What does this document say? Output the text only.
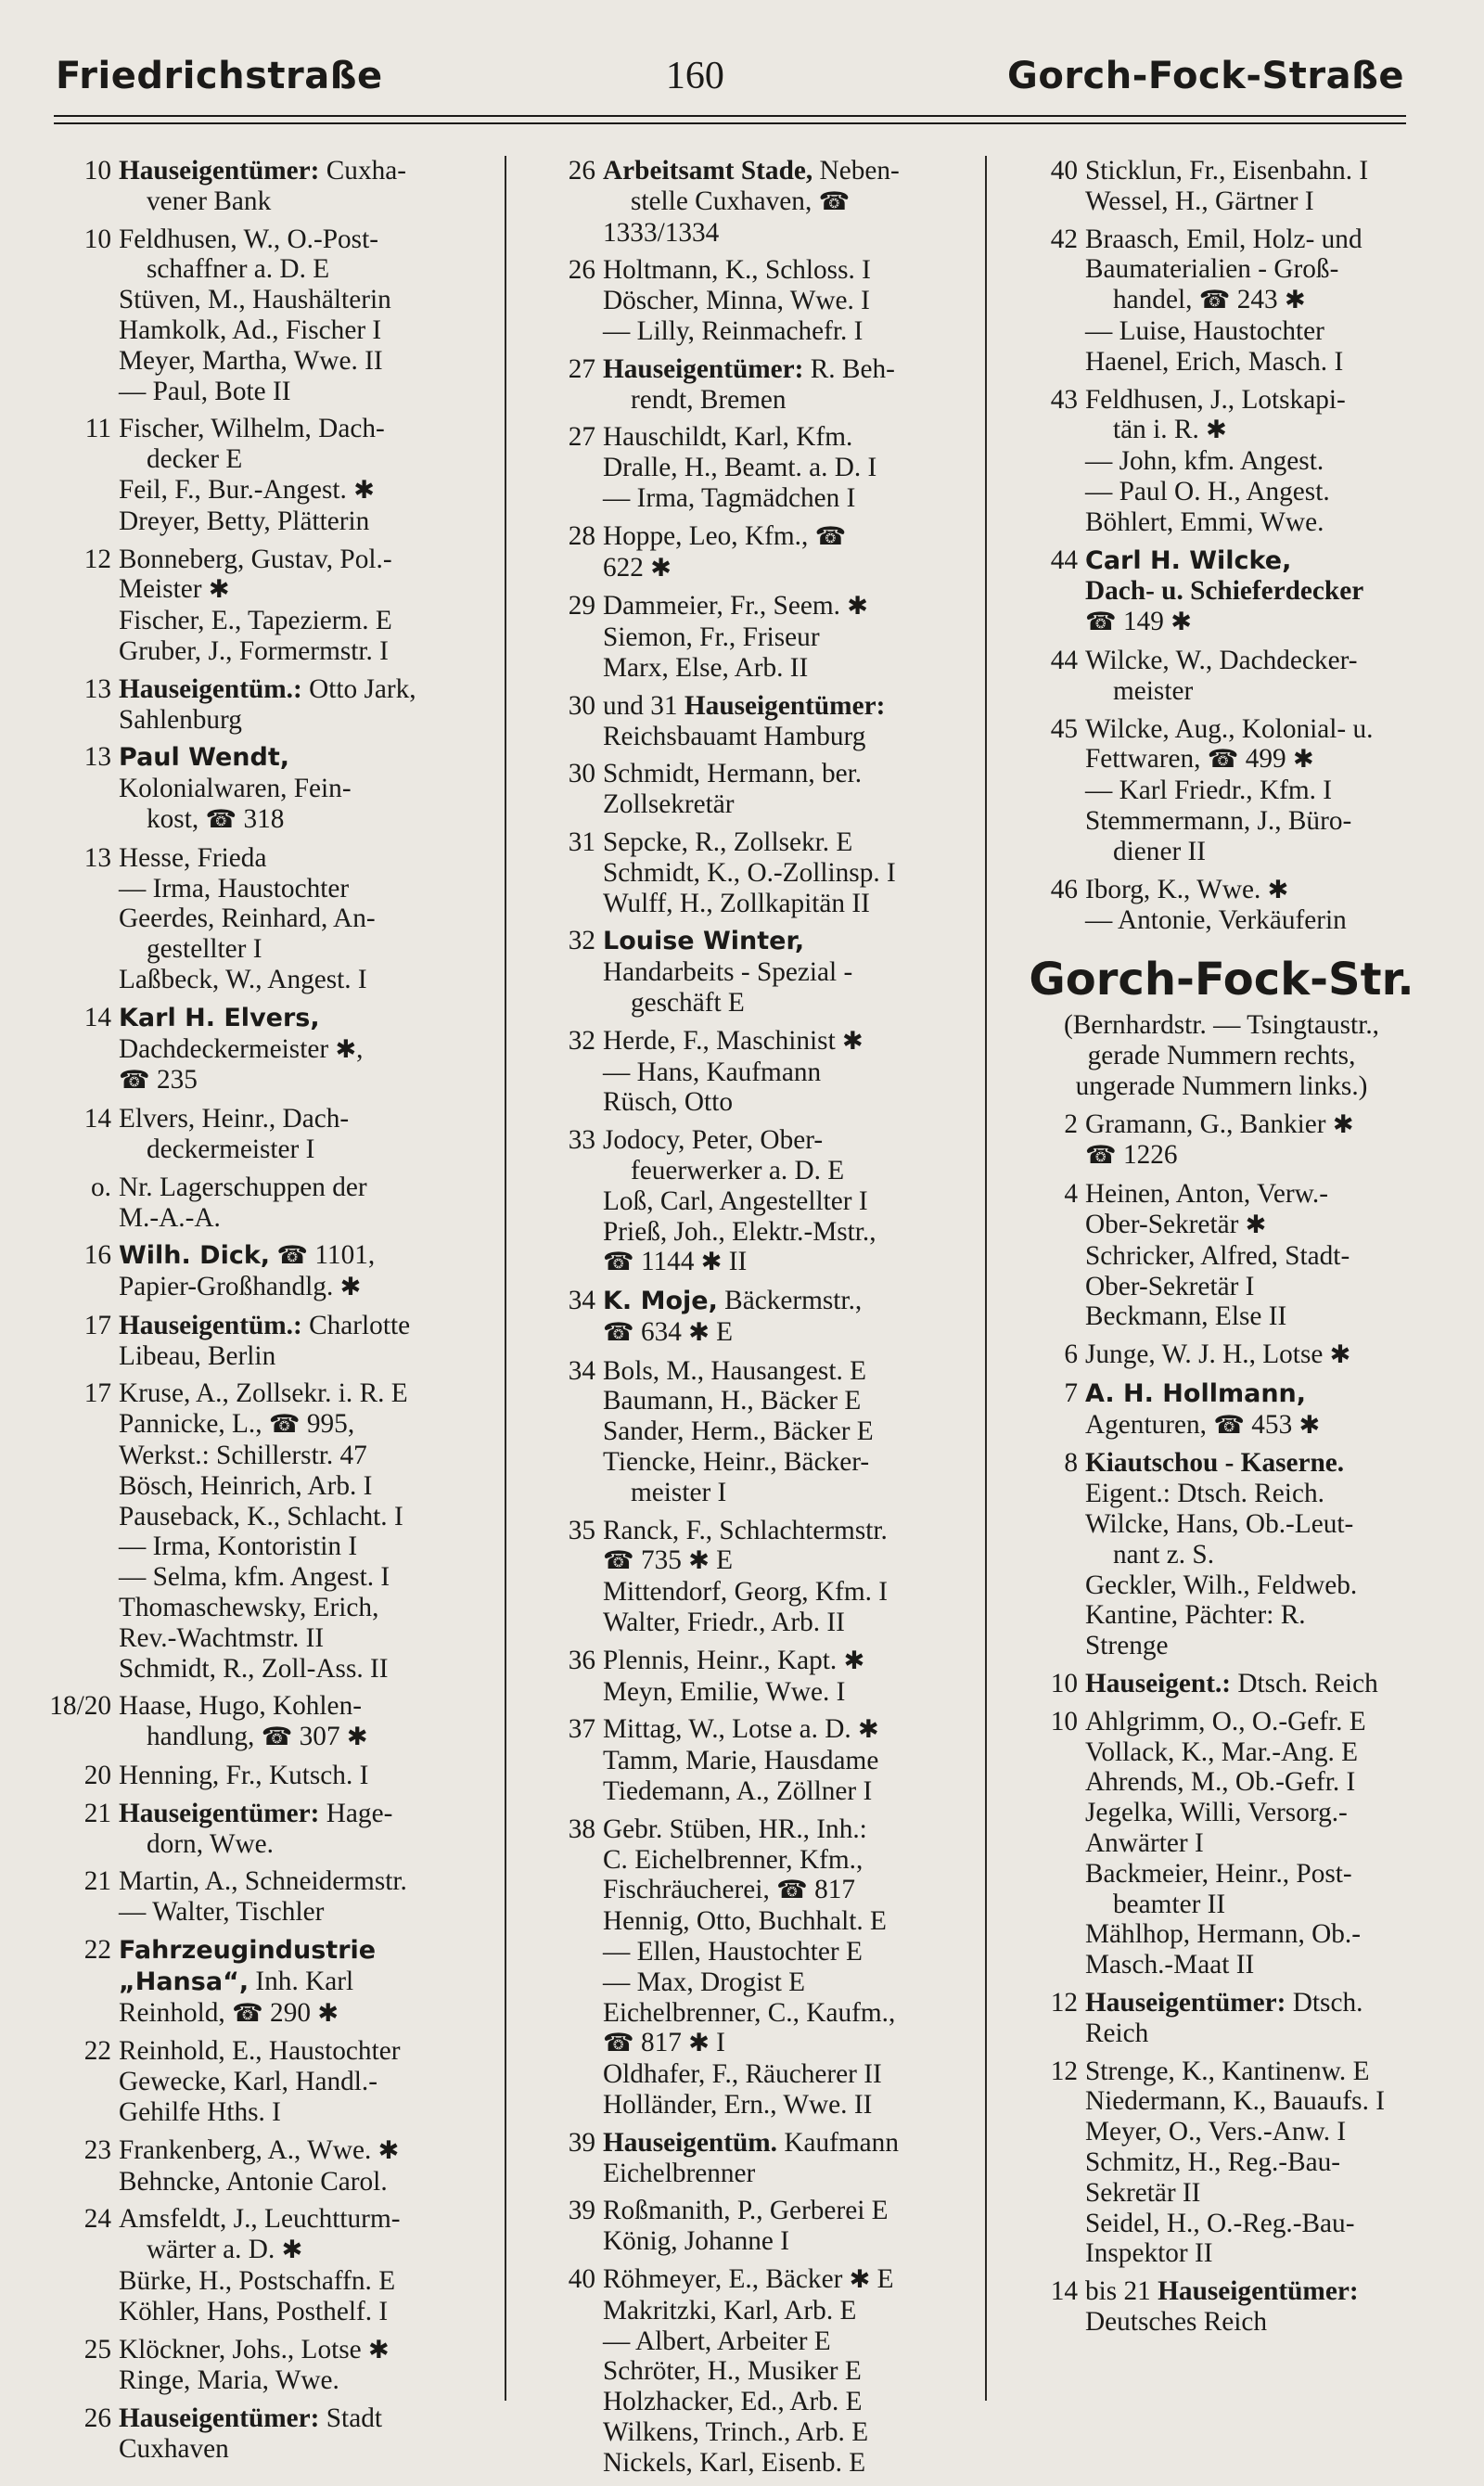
Friedrichstraße	160	Gorch-Fock-Straße
10 Hauseigentümer: Cuxha-
vener Bank
10 Feldhusen, W., O.-Post-
schaffner a. D. E
Stüven, M., Haushälterin
Hamkolk, Ad., Fischer I
Meyer, Martha, Wwe. II
— Paul, Bote II
11 Fischer, Wilhelm, Dach-
decker E
Feil, F., Bur.-Angest. ✱
Dreyer, Betty, Plätterin
12 Bonneberg, Gustav, Pol.-
Meister ✱
Fischer, E., Tapezierm. E
Gruber, J., Formermstr. I
13 Hauseigentüm.: Otto Jark,
Sahlenburg
13 Paul Wendt,
Kolonialwaren, Fein-
kost, ☎ 318
13 Hesse, Frieda
— Irma, Haustochter
Geerdes, Reinhard, An-
gestellter I
Laßbeck, W., Angest. I
14 Karl H. Elvers,
Dachdeckermeister ✱,
☎ 235
14 Elvers, Heinr., Dach-
deckermeister I
o. Nr. Lagerschuppen der
M.-A.-A.
16 Wilh. Dick, ☎ 1101,
Papier-Großhandlg. ✱
17 Hauseigentüm.: Charlotte
Libeau, Berlin
17 Kruse, A., Zollsekr. i. R. E
Pannicke, L., ☎ 995,
Werkst.: Schillerstr. 47
Bösch, Heinrich, Arb. I
Pauseback, K., Schlacht. I
— Irma, Kontoristin I
— Selma, kfm. Angest. I
Thomaschewsky, Erich,
Rev.-Wachtmstr. II
Schmidt, R., Zoll-Ass. II
18/20 Haase, Hugo, Kohlen-
handlung, ☎ 307 ✱
20 Henning, Fr., Kutsch. I
21 Hauseigentümer: Hage-
dorn, Wwe.
21 Martin, A., Schneidermstr.
— Walter, Tischler
22 Fahrzeugindustrie
„Hansa“, Inh. Karl
Reinhold, ☎ 290 ✱
22 Reinhold, E., Haustochter
Gewecke, Karl, Handl.-
Gehilfe Hths. I
23 Frankenberg, A., Wwe. ✱
Behncke, Antonie Carol.
24 Amsfeldt, J., Leuchtturm-
wärter a. D. ✱
Bürke, H., Postschaffn. E
Köhler, Hans, Posthelf. I
25 Klöckner, Johs., Lotse ✱
Ringe, Maria, Wwe.
26 Hauseigentümer: Stadt
Cuxhaven
26 Arbeitsamt Stade, Neben-
stelle Cuxhaven, ☎
1333/1334
26 Holtmann, K., Schloss. I
Döscher, Minna, Wwe. I
— Lilly, Reinmachefr. I
27 Hauseigentümer: R. Beh-
rendt, Bremen
27 Hauschildt, Karl, Kfm.
Dralle, H., Beamt. a. D. I
— Irma, Tagmädchen I
28 Hoppe, Leo, Kfm., ☎
622 ✱
29 Dammeier, Fr., Seem. ✱
Siemon, Fr., Friseur
Marx, Else, Arb. II
30 und 31 Hauseigentümer:
Reichsbauamt Hamburg
30 Schmidt, Hermann, ber.
Zollsekretär
31 Sepcke, R., Zollsekr. E
Schmidt, K., O.-Zollinsp. I
Wulff, H., Zollkapitän II
32 Louise Winter,
Handarbeits - Spezial -
geschäft E
32 Herde, F., Maschinist ✱
— Hans, Kaufmann
Rüsch, Otto
33 Jodocy, Peter, Ober-
feuerwerker a. D. E
Loß, Carl, Angestellter I
Prieß, Joh., Elektr.-Mstr.,
☎ 1144 ✱ II
34 K. Moje, Bäckermstr.,
☎ 634 ✱ E
34 Bols, M., Hausangest. E
Baumann, H., Bäcker E
Sander, Herm., Bäcker E
Tiencke, Heinr., Bäcker-
meister I
35 Ranck, F., Schlachtermstr.
☎ 735 ✱ E
Mittendorf, Georg, Kfm. I
Walter, Friedr., Arb. II
36 Plennis, Heinr., Kapt. ✱
Meyn, Emilie, Wwe. I
37 Mittag, W., Lotse a. D. ✱
Tamm, Marie, Hausdame
Tiedemann, A., Zöllner I
38 Gebr. Stüben, HR., Inh.:
C. Eichelbrenner, Kfm.,
Fischräucherei, ☎ 817
Hennig, Otto, Buchhalt. E
— Ellen, Haustochter E
— Max, Drogist E
Eichelbrenner, C., Kaufm.,
☎ 817 ✱ I
Oldhafer, F., Räucherer II
Holländer, Ern., Wwe. II
39 Hauseigentüm. Kaufmann
Eichelbrenner
39 Roßmanith, P., Gerberei E
König, Johanne I
40 Röhmeyer, E., Bäcker ✱ E
Makritzki, Karl, Arb. E
— Albert, Arbeiter E
Schröter, H., Musiker E
Holzhacker, Ed., Arb. E
Wilkens, Trinch., Arb. E
Nickels, Karl, Eisenb. E
40 Sticklun, Fr., Eisenbahn. I
Wessel, H., Gärtner I
42 Braasch, Emil, Holz- und
Baumaterialien - Groß-
handel, ☎ 243 ✱
— Luise, Haustochter
Haenel, Erich, Masch. I
43 Feldhusen, J., Lotskapi-
tän i. R. ✱
— John, kfm. Angest.
— Paul O. H., Angest.
Böhlert, Emmi, Wwe.
44 Carl H. Wilcke,
Dach- u. Schieferdecker
☎ 149 ✱
44 Wilcke, W., Dachdecker-
meister
45 Wilcke, Aug., Kolonial- u.
Fettwaren, ☎ 499 ✱
— Karl Friedr., Kfm. I
Stemmermann, J., Büro-
diener II
46 Iborg, K., Wwe. ✱
— Antonie, Verkäuferin
Gorch-Fock-Str.
(Bernhardstr. — Tsingtaustr.,
gerade Nummern rechts,
ungerade Nummern links.)
2 Gramann, G., Bankier ✱
☎ 1226
4 Heinen, Anton, Verw.-
Ober-Sekretär ✱
Schricker, Alfred, Stadt-
Ober-Sekretär I
Beckmann, Else II
6 Junge, W. J. H., Lotse ✱
7 A. H. Hollmann,
Agenturen, ☎ 453 ✱
8 Kiautschou - Kaserne.
Eigent.: Dtsch. Reich.
Wilcke, Hans, Ob.-Leut-
nant z. S.
Geckler, Wilh., Feldweb.
Kantine, Pächter: R.
Strenge
10 Hauseigent.: Dtsch. Reich
10 Ahlgrimm, O., O.-Gefr. E
Vollack, K., Mar.-Ang. E
Ahrends, M., Ob.-Gefr. I
Jegelka, Willi, Versorg.-
Anwärter I
Backmeier, Heinr., Post-
beamter II
Mählhop, Hermann, Ob.-
Masch.-Maat II
12 Hauseigentümer: Dtsch.
Reich
12 Strenge, K., Kantinenw. E
Niedermann, K., Bauaufs. I
Meyer, O., Vers.-Anw. I
Schmitz, H., Reg.-Bau-
Sekretär II
Seidel, H., O.-Reg.-Bau-
Inspektor II
14 bis 21 Hauseigentümer:
Deutsches Reich
